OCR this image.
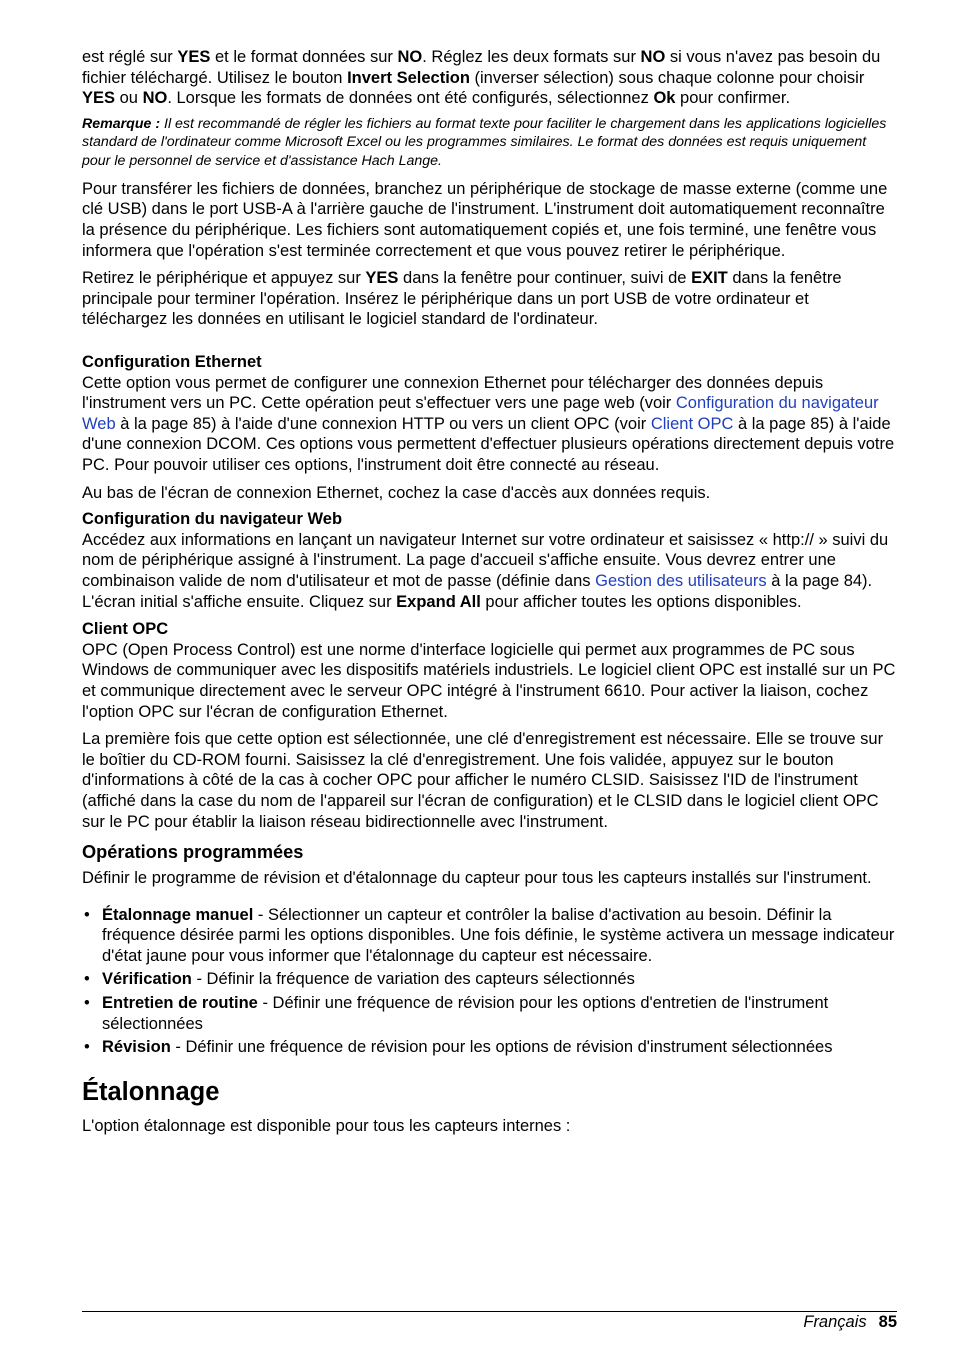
est réglé sur YES et le format données sur NO. Réglez les deux formats sur NO si vous n'avez pas besoin du fichier téléchargé. Utilisez le bouton Invert Selection (inverser sélection) sous chaque colonne pour choisir YES ou NO. Lorsque les formats de données ont été configurés, sélectionnez Ok pour confirmer.

Remarque : Il est recommandé de régler les fichiers au format texte pour faciliter le chargement dans les applications logicielles standard de l'ordinateur comme Microsoft Excel ou les programmes similaires. Le format des données est requis uniquement pour le personnel de service et d'assistance Hach Lange.

Pour transférer les fichiers de données, branchez un périphérique de stockage de masse externe (comme une clé USB) dans le port USB-A à l'arrière gauche de l'instrument. L'instrument doit automatiquement reconnaître la présence du périphérique. Les fichiers sont automatiquement copiés et, une fois terminé, une fenêtre vous informera que l'opération s'est terminée correctement et que vous pouvez retirer le périphérique.

Retirez le périphérique et appuyez sur YES dans la fenêtre pour continuer, suivi de EXIT dans la fenêtre principale pour terminer l'opération. Insérez le périphérique dans un port USB de votre ordinateur et téléchargez les données en utilisant le logiciel standard de l'ordinateur.

Configuration Ethernet

Cette option vous permet de configurer une connexion Ethernet pour télécharger des données depuis l'instrument vers un PC. Cette opération peut s'effectuer vers une page web (voir Configuration du navigateur Web à la page 85) à l'aide d'une connexion HTTP ou vers un client OPC (voir Client OPC à la page 85) à l'aide d'une connexion DCOM. Ces options vous permettent d'effectuer plusieurs opérations directement depuis votre PC. Pour pouvoir utiliser ces options, l'instrument doit être connecté au réseau.

Au bas de l'écran de connexion Ethernet, cochez la case d'accès aux données requis.

Configuration du navigateur Web

Accédez aux informations en lançant un navigateur Internet sur votre ordinateur et saisissez « http:// » suivi du nom de périphérique assigné à l'instrument. La page d'accueil s'affiche ensuite. Vous devrez entrer une combinaison valide de nom d'utilisateur et mot de passe (définie dans Gestion des utilisateurs à la page 84). L'écran initial s'affiche ensuite. Cliquez sur Expand All pour afficher toutes les options disponibles.

Client OPC

OPC (Open Process Control) est une norme d'interface logicielle qui permet aux programmes de PC sous Windows de communiquer avec les dispositifs matériels industriels. Le logiciel client OPC est installé sur un PC et communique directement avec le serveur OPC intégré à l'instrument 6610. Pour activer la liaison, cochez l'option OPC sur l'écran de configuration Ethernet.

La première fois que cette option est sélectionnée, une clé d'enregistrement est nécessaire. Elle se trouve sur le boîtier du CD-ROM fourni. Saisissez la clé d'enregistrement. Une fois validée, appuyez sur le bouton d'informations à côté de la cas à cocher OPC pour afficher le numéro CLSID. Saisissez l'ID de l'instrument (affiché dans la case du nom de l'appareil sur l'écran de configuration) et le CLSID dans le logiciel client OPC sur le PC pour établir la liaison réseau bidirectionnelle avec l'instrument.

Opérations programmées

Définir le programme de révision et d'étalonnage du capteur pour tous les capteurs installés sur l'instrument.

• Étalonnage manuel - Sélectionner un capteur et contrôler la balise d'activation au besoin. Définir la fréquence désirée parmi les options disponibles. Une fois définie, le système activera un message indicateur d'état jaune pour vous informer que l'étalonnage du capteur est nécessaire.
• Vérification - Définir la fréquence de variation des capteurs sélectionnés
• Entretien de routine - Définir une fréquence de révision pour les options d'entretien de l'instrument sélectionnées
• Révision - Définir une fréquence de révision pour les options de révision d'instrument sélectionnées

Étalonnage

L'option étalonnage est disponible pour tous les capteurs internes :

Français 85
